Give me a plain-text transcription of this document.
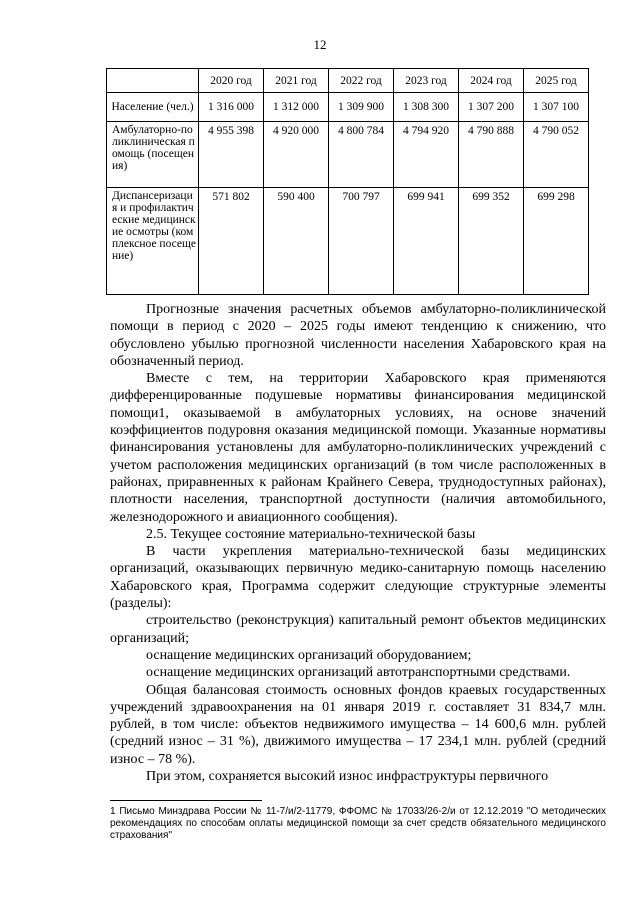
12
	2020 год	2021 год	2022 год	2023 год	2024 год	2025 год
Население (чел.)	1 316 000	1 312 000	1 309 900	1 308 300	1 307 200	1 307 100
Амбулаторно-поликлиническая помощь (посещения)	4 955 398	4 920 000	4 800 784	4 794 920	4 790 888	4 790 052
Диспансеризация и профилактические медицинские осмотры (комплексное посещение)	571 802	590 400	700 797	699 941	699 352	699 298

Прогнозные значения расчетных объемов амбулаторно-поликлинической помощи в период с 2020 – 2025 годы имеют тенденцию к снижению, что обусловлено убылью прогнозной численности населения Хабаровского края на обозначенный период.

Вместе с тем, на территории Хабаровского края применяются дифференцированные подушевые нормативы финансирования медицинской помощи1, оказываемой в амбулаторных условиях, на основе значений коэффициентов подуровня оказания медицинской помощи. Указанные нормативы финансирования установлены для амбулаторно-поликлинических учреждений с учетом расположения медицинских организаций (в том числе расположенных в районах, приравненных к районам Крайнего Севера, труднодоступных районах), плотности населения, транспортной доступности (наличия автомобильного, железнодорожного и авиационного сообщения).

2.5. Текущее состояние материально-технической базы

В части укрепления материально-технической базы медицинских организаций, оказывающих первичную медико-санитарную помощь населению Хабаровского края, Программа содержит следующие структурные элементы (разделы):

строительство (реконструкция) капитальный ремонт объектов медицинских организаций;

оснащение медицинских организаций оборудованием;

оснащение медицинских организаций автотранспортными средствами.

Общая балансовая стоимость основных фондов краевых государственных учреждений здравоохранения на 01 января 2019 г. составляет 31 834,7 млн. рублей, в том числе: объектов недвижимого имущества – 14 600,6 млн. рублей (средний износ – 31 %), движимого имущества – 17 234,1 млн. рублей (средний износ – 78 %).

При этом, сохраняется высокий износ инфраструктуры первичного

1 Письмо Минздрава России № 11-7/и/2-11779, ФФОМС № 17033/26-2/и от 12.12.2019 "О методических рекомендациях по способам оплаты медицинской помощи за счет средств обязательного медицинского страхования"
